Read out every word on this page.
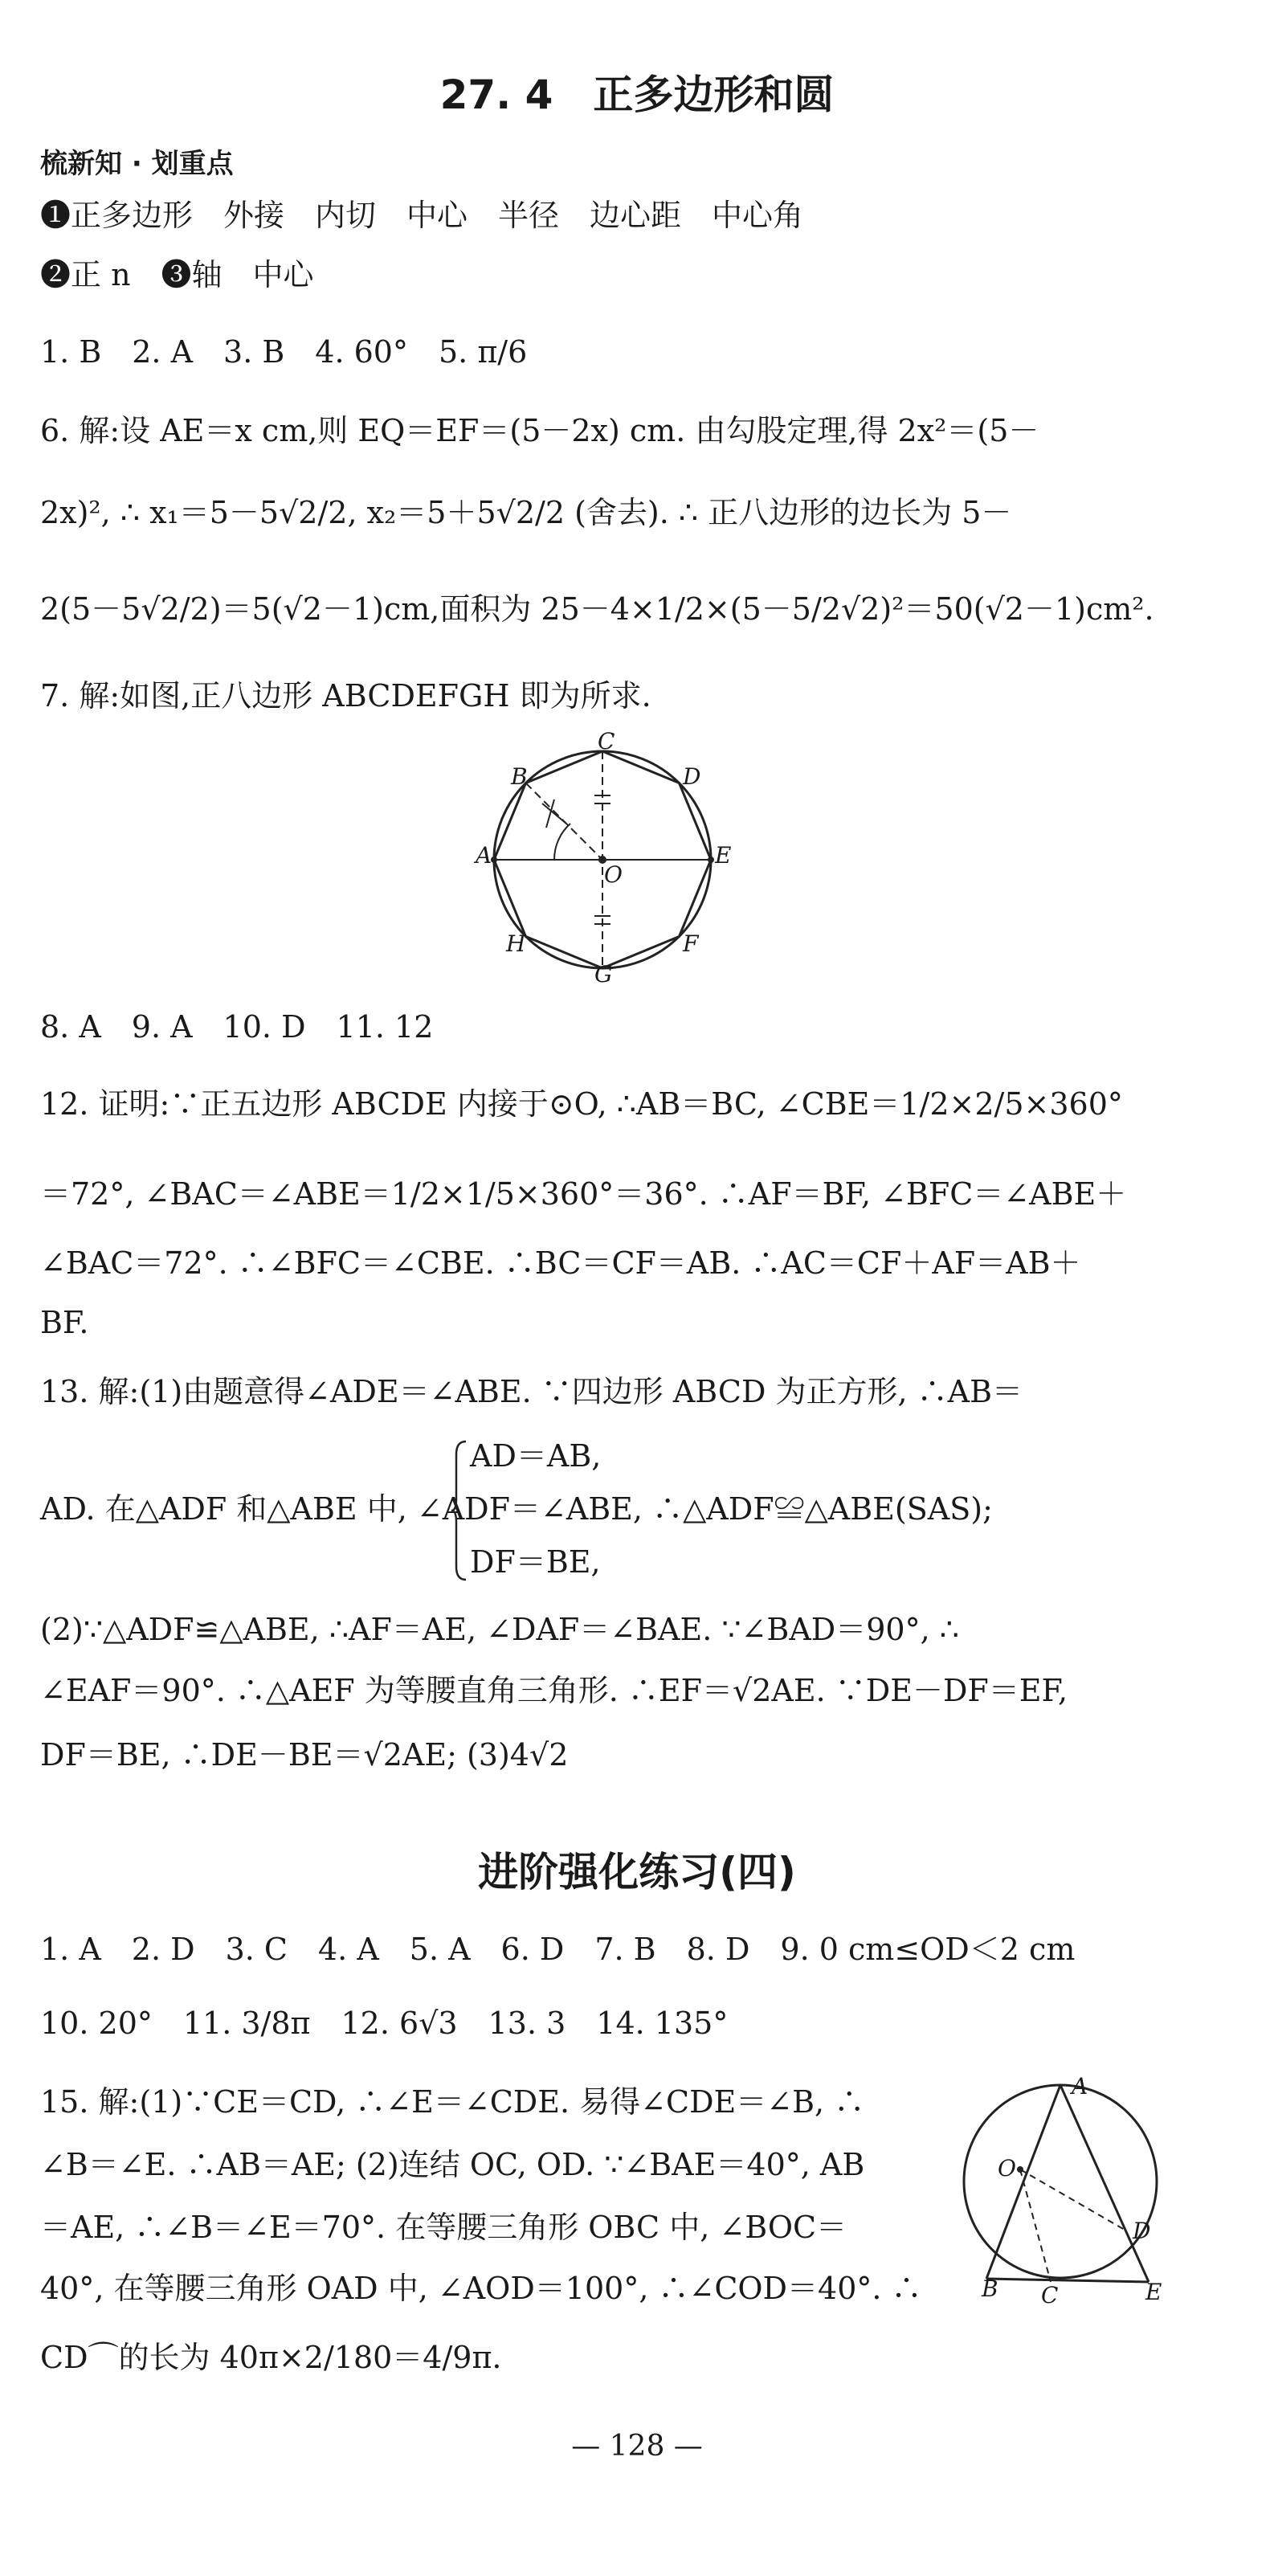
27. 4　正多边形和圆
梳新知 · 划重点
❶正多边形　外接　内切　中心　半径　边心距　中心角
❷正 n　❸轴　中心
1. B　2. A　3. B　4. 60°　5. π/6
6. 解:设 AE＝x cm,则 EQ＝EF＝(5－2x) cm. 由勾股定理,得 2x²＝(5－
2x)², ∴ x₁＝5－5√2/2, x₂＝5＋5√2/2 (舍去). ∴ 正八边形的边长为 5－
2(5－5√2/2)＝5(√2－1)cm,面积为 25－4×1/2×(5－5/2√2)²＝50(√2－1)cm².
7. 解:如图,正八边形 ABCDEFGH 即为所求.
A
B
C
D
E
F
G
H
O
8. A　9. A　10. D　11. 12
12. 证明:∵正五边形 ABCDE 内接于⊙O, ∴AB＝BC, ∠CBE＝1/2×2/5×360°
＝72°, ∠BAC＝∠ABE＝1/2×1/5×360°＝36°. ∴AF＝BF, ∠BFC＝∠ABE＋
∠BAC＝72°. ∴∠BFC＝∠CBE. ∴BC＝CF＝AB. ∴AC＝CF＋AF＝AB＋
BF.
13. 解:(1)由题意得∠ADE＝∠ABE. ∵四边形 ABCD 为正方形, ∴AB＝
AD＝AB,
AD. 在△ADF 和△ABE 中, ∠ADF＝∠ABE, ∴△ADF≌△ABE(SAS);
DF＝BE,
(2)∵△ADF≌△ABE, ∴AF＝AE, ∠DAF＝∠BAE. ∵∠BAD＝90°, ∴
∠EAF＝90°. ∴△AEF 为等腰直角三角形. ∴EF＝√2AE. ∵DE－DF＝EF,
DF＝BE, ∴DE－BE＝√2AE; (3)4√2
进阶强化练习(四)
1. A　2. D　3. C　4. A　5. A　6. D　7. B　8. D　9. 0 cm≤OD＜2 cm
10. 20°　11. 3/8π　12. 6√3　13. 3　14. 135°
15. 解:(1)∵CE＝CD, ∴∠E＝∠CDE. 易得∠CDE＝∠B, ∴
∠B＝∠E. ∴AB＝AE; (2)连结 OC, OD. ∵∠BAE＝40°, AB
＝AE, ∴∠B＝∠E＝70°. 在等腰三角形 OBC 中, ∠BOC＝
40°, 在等腰三角形 OAD 中, ∠AOD＝100°, ∴∠COD＝40°. ∴
CD⌒的长为 40π×2/180＝4/9π.
A
O
D
B C	E
— 128 —
